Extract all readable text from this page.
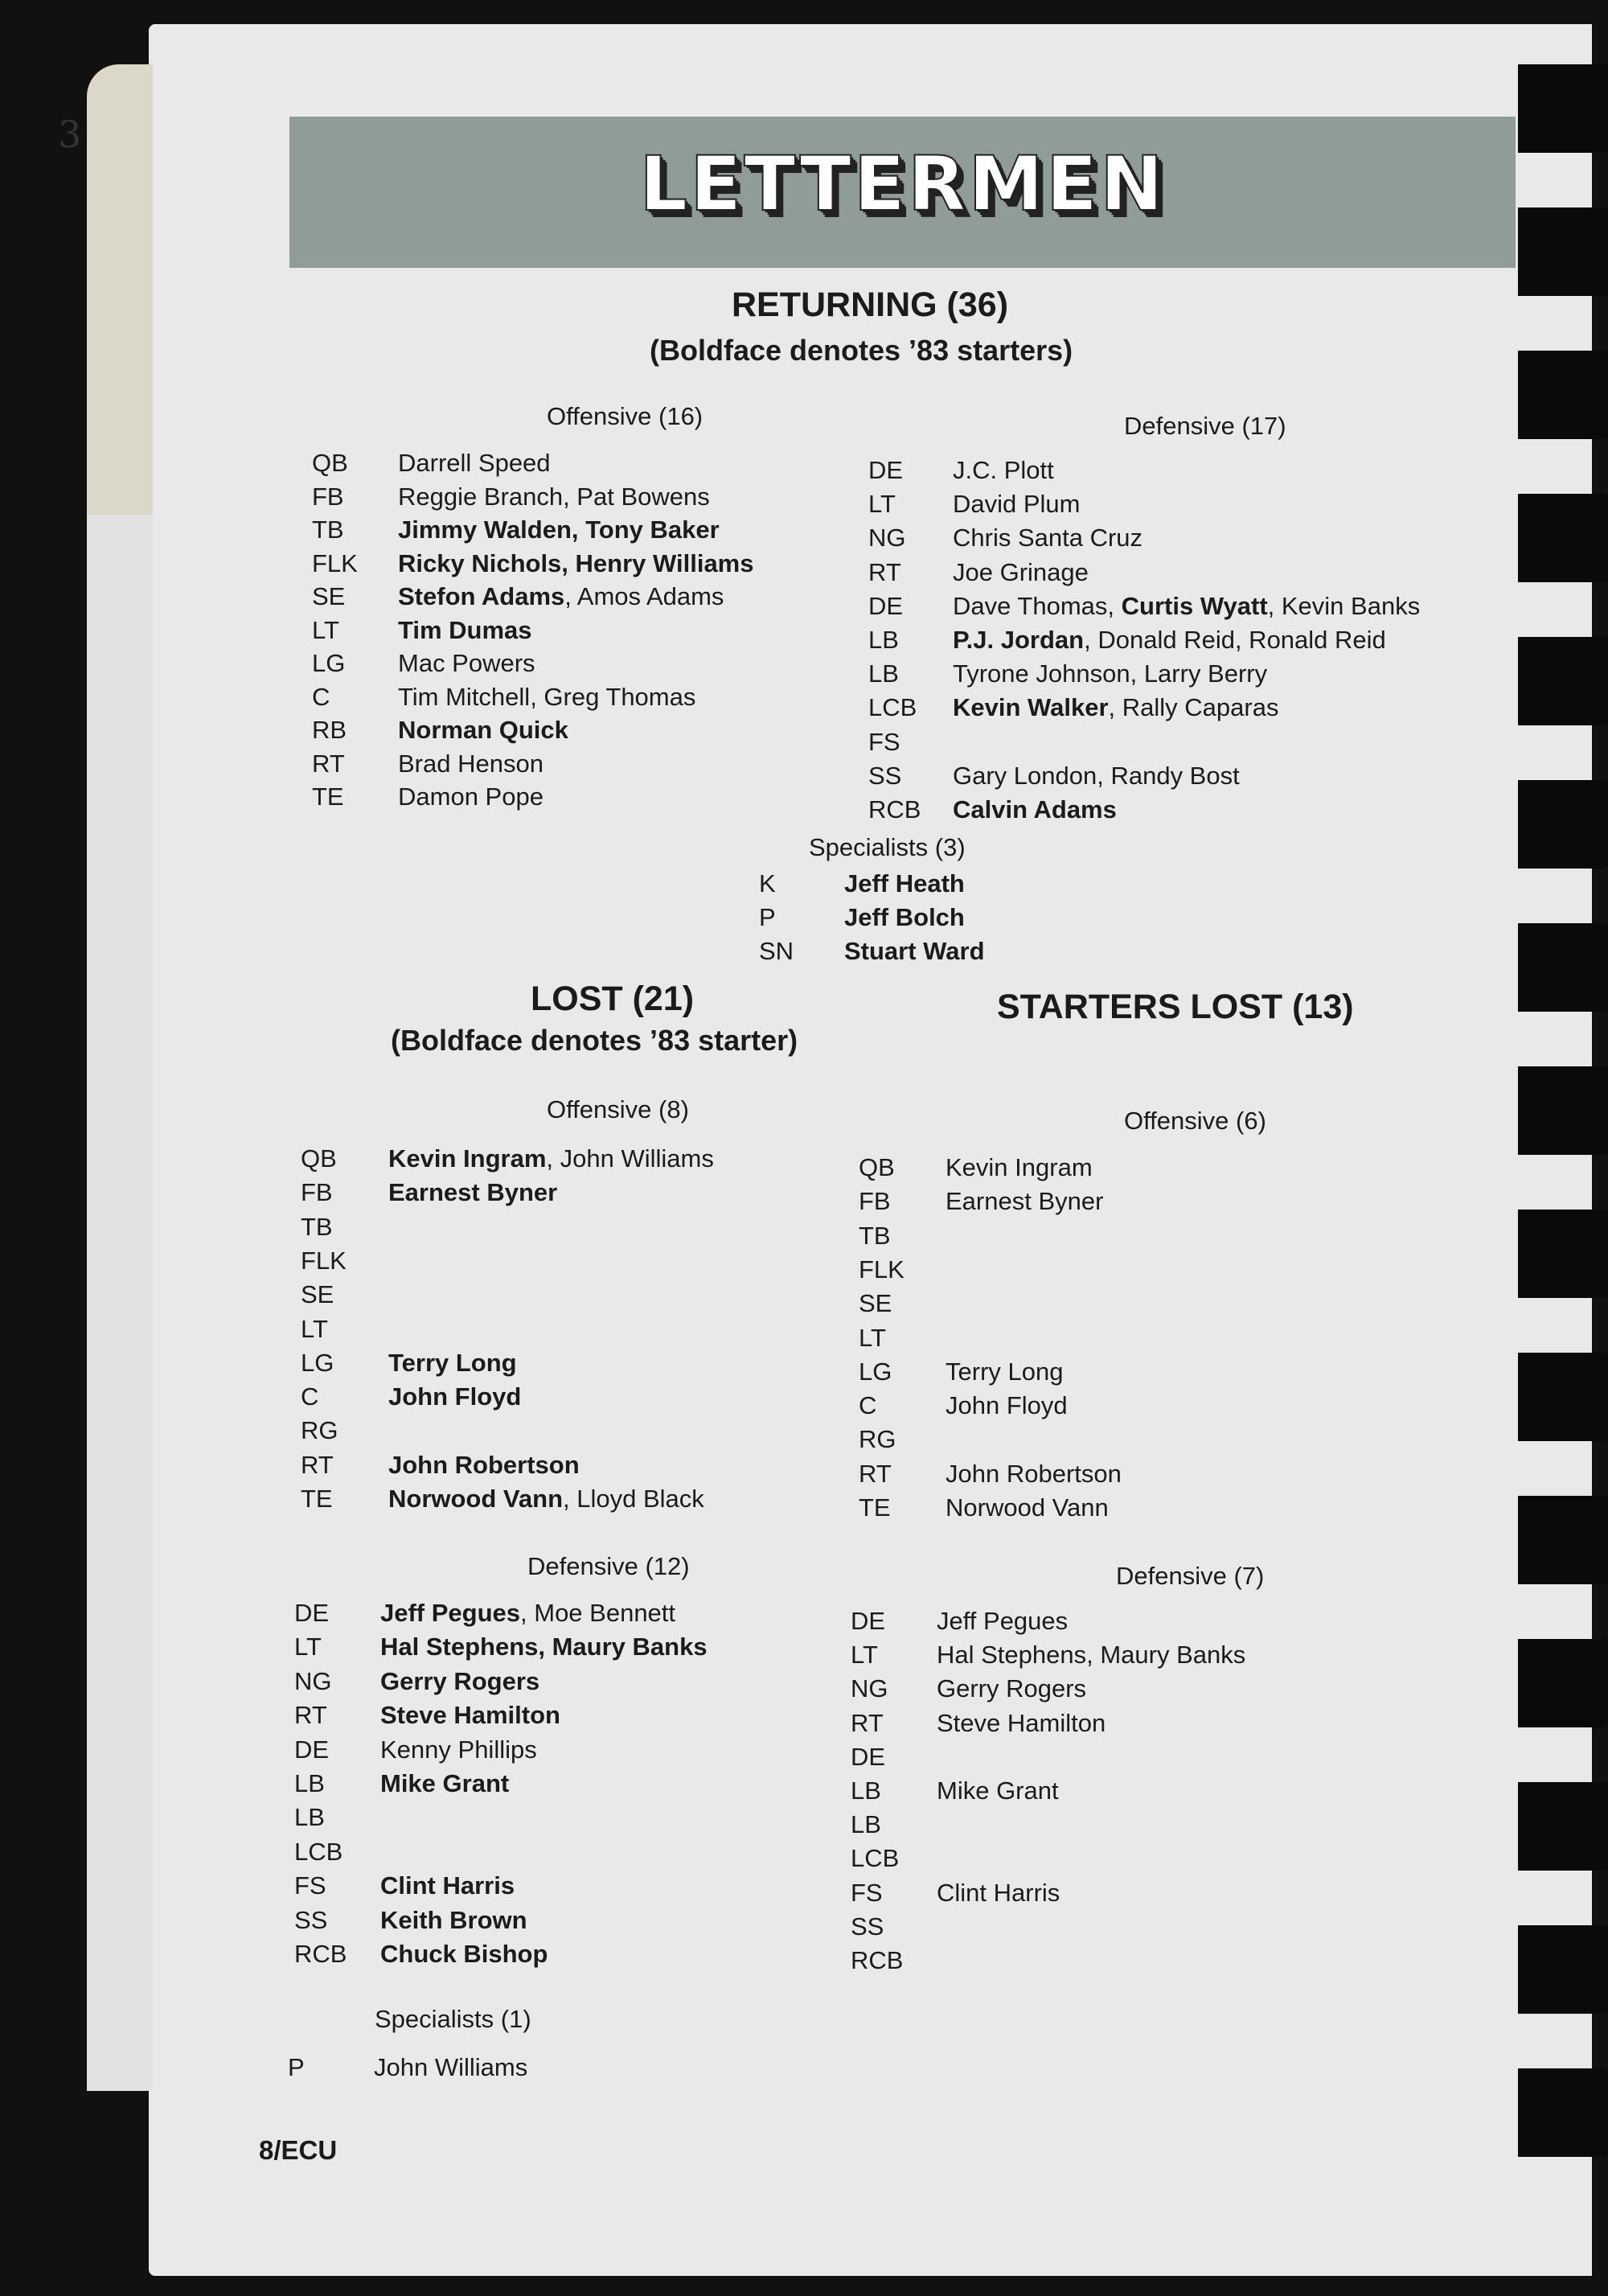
3
LETTERMEN
RETURNING (36)
(Boldface denotes ’83 starters)
Offensive (16)	Defensive (17)
Specialists (3)
LOST (21)
(Boldface denotes ’83 starter)
Offensive (8)
Defensive (12)
Specialists (1)
STARTERS LOST (13)
Offensive (6)
Defensive (7)
8/ECU
QB Darrell Speed
FB Reggie Branch, Pat Bowens
TB Jimmy Walden, Tony Baker
FLK Ricky Nichols, Henry Williams
SE Stefon Adams, Amos Adams
LT Tim Dumas
LG Mac Powers
C	Tim Mitchell, Greg Thomas
RB Norman Quick
RT Brad Henson
TE Damon Pope
DE J.C. Plott
LT David Plum
NG Chris Santa Cruz
RT Joe Grinage
DE Dave Thomas, Curtis Wyatt, Kevin Banks
LB P.J. Jordan, Donald Reid, Ronald Reid
LB Tyrone Johnson, Larry Berry
LCB Kevin Walker, Rally Caparas
FS
SS Gary London, Randy Bost
RCB Calvin Adams
K	Jeff Heath
P	Jeff Bolch
SN Stuart Ward
QB Kevin Ingram, John Williams
FB Earnest Byner
TB
FLK
SE
LT
LG Terry Long
C	John Floyd
RG
RT John Robertson
TE Norwood Vann, Lloyd Black
DE Jeff Pegues, Moe Bennett
LT Hal Stephens, Maury Banks
NG Gerry Rogers
RT Steve Hamilton
DE Kenny Phillips
LB Mike Grant
LB
LCB
FS Clint Harris
SS Keith Brown
RCB Chuck Bishop
P	John Williams
QB Kevin Ingram
FB Earnest Byner
TB
FLK
SE
LT
LG Terry Long
C	John Floyd
RG
RT John Robertson
TE Norwood Vann
DE Jeff Pegues
LT Hal Stephens, Maury Banks
NG Gerry Rogers
RT Steve Hamilton
DE
LB Mike Grant
LB
LCB
FS Clint Harris
SS
RCB
